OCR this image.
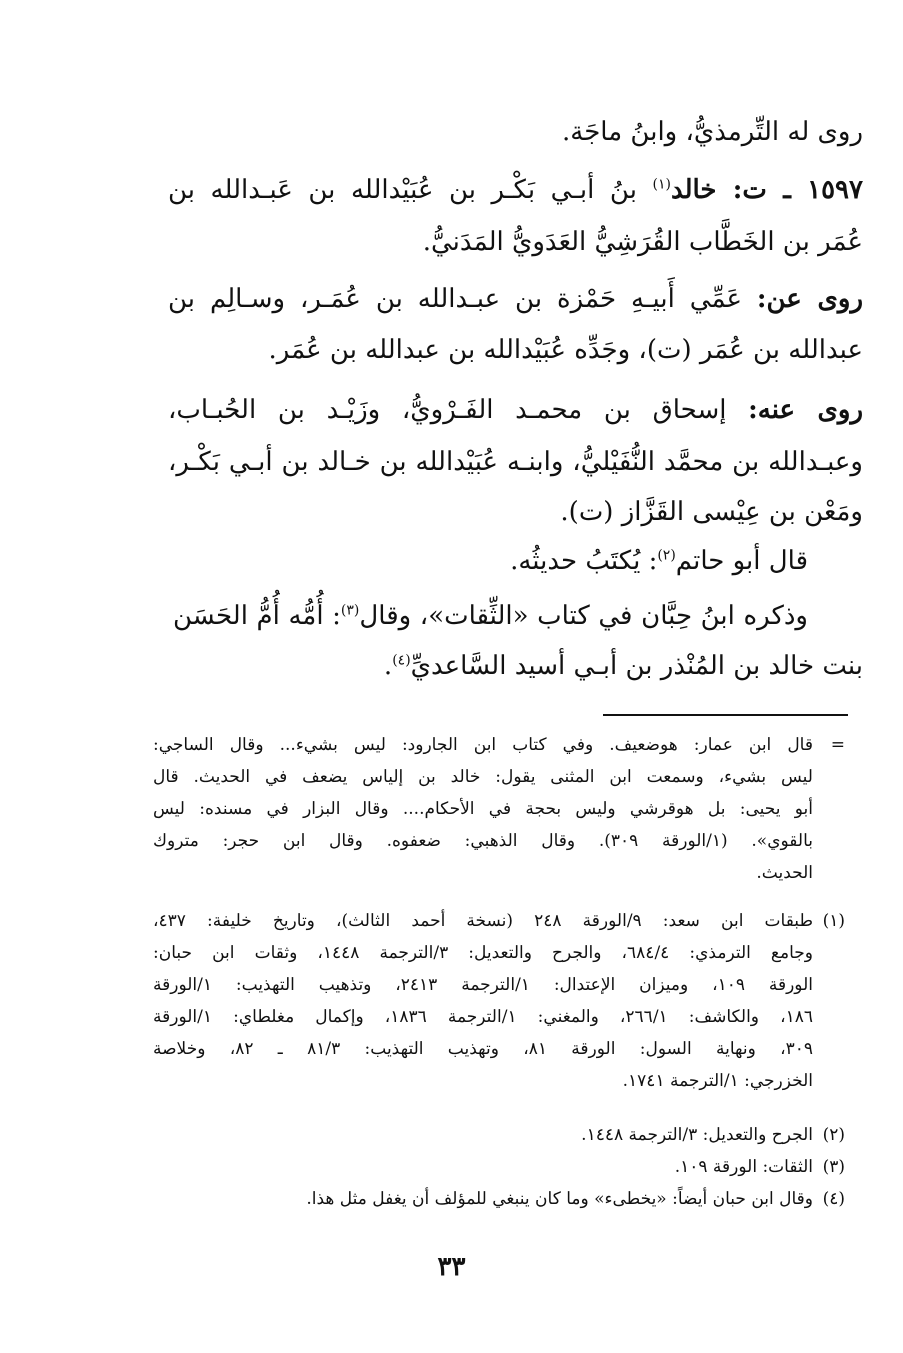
روى له التِّرمذيُّ، وابنُ ماجَة.
١٥٩٧ ـ ت: خالد$^{(١)}$ بنُ أبـي بَكْـر بن عُبَيْدالله بن عَبـدالله بن
عُمَر بن الخَطَّاب القُرَشِيُّ العَدَويُّ المَدَنيُّ.
روى عن: عَمِّي أَبيـهِ حَمْزة بن عبـدالله بن عُمَـر، وسـالِم بن
عبدالله بن عُمَر (ت)، وجَدِّه عُبَيْدالله بن عبدالله بن عُمَر.
روى عنه: إسحاق بن محمـد الفَـرْويُّ، وزَيْـد بن الحُبـاب،
وعبـدالله بن محمَّد النُّفَيْليُّ، وابنـه عُبَيْدالله بن خـالد بن أبـي بَكْـر،
ومَعْن بن عِيْسى القَزَّاز (ت).
قال أبو حاتم$^{(٢)}$: يُكتَبُ حديثُه.
وذكره ابنُ حِبَّان في كتاب «الثِّقات»، وقال$^{(٣)}$: أُمُّه أُمُّ الحَسَن
بنت خالد بن المُنْذر بن أبـي أسيد السَّاعديِّ$^{(٤)}$.
=
قال ابن عمار: هوضعيف. وفي كتاب ابن الجارود: ليس بشيء... وقال الساجي:
ليس بشيء، وسمعت ابن المثنى يقول: خالد بن إلياس يضعف في الحديث. قال
أبو يحيى: بل هوقرشي وليس بحجة في الأحكام.... وقال البزار في مسنده: ليس
بالقوي». (١/الورقة ٣٠٩). وقال الذهبي: ضعفوه. وقال ابن حجر: متروك
الحديث.
(١)
طبقات ابن سعد: ٩/الورقة ٢٤٨ (نسخة أحمد الثالث)، وتاريخ خليفة: ٤٣٧،
وجامع الترمذي: ٦٨٤/٤، والجرح والتعديل: ٣/الترجمة ١٤٤٨، وثقات ابن حبان:
الورقة ١٠٩، وميزان الإعتدال: ١/الترجمة ٢٤١٣، وتذهيب التهذيب: ١/الورقة
١٨٦، والكاشف: ٢٦٦/١، والمغني: ١/الترجمة ١٨٣٦، وإكمال مغلطاي: ١/الورقة
٣٠٩، ونهاية السول: الورقة ٨١، وتهذيب التهذيب: ٨١/٣ ـ ٨٢، وخلاصة
الخزرجي: ١/الترجمة ١٧٤١.
(٢)
الجرح والتعديل: ٣/الترجمة ١٤٤٨.
(٣)
الثقات: الورقة ١٠٩.
(٤)
وقال ابن حبان أيضاً: «يخطىء» وما كان ينبغي للمؤلف أن يغفل مثل هذا.
٣٣
